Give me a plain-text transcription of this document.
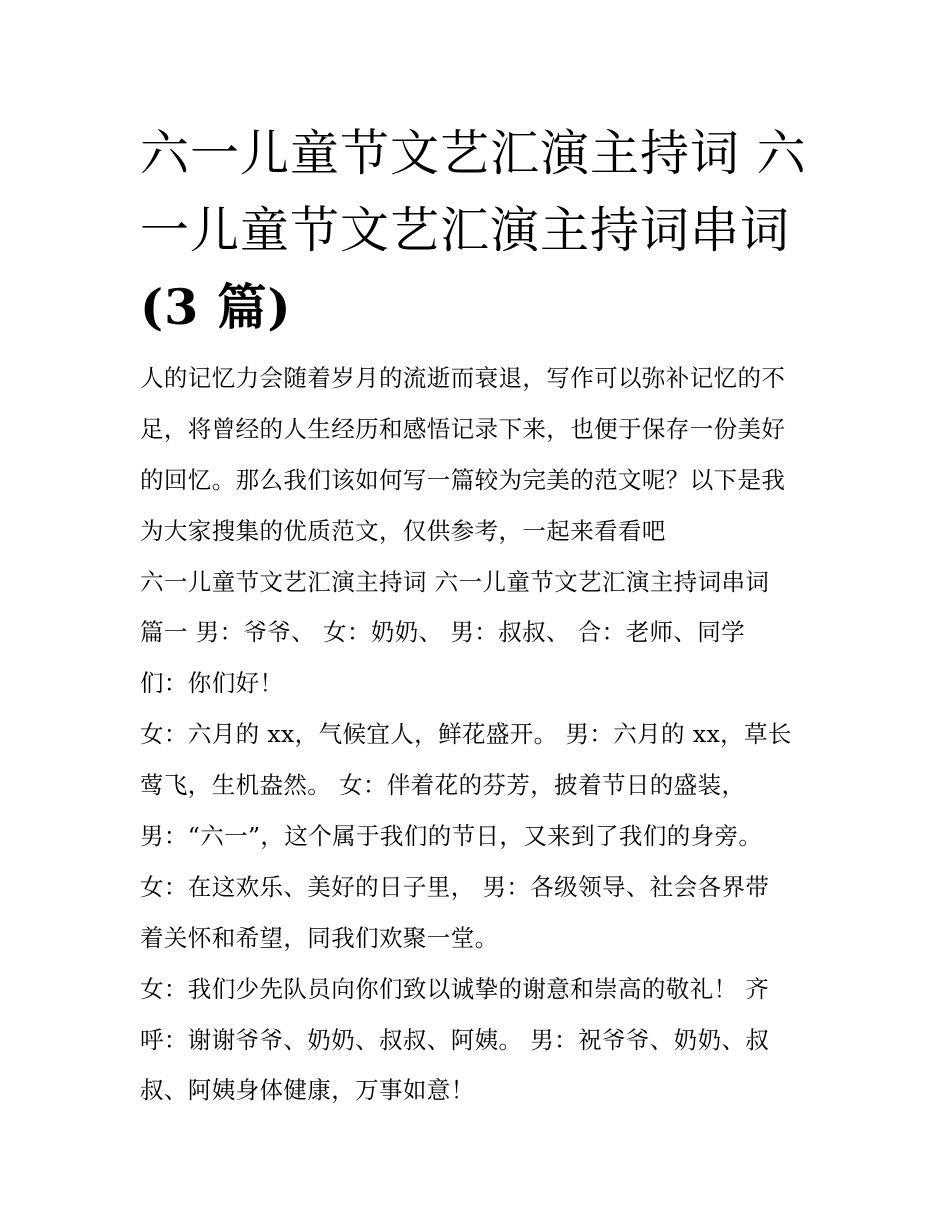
六一儿童节文艺汇演主持词 六
一儿童节文艺汇演主持词串词
(3 篇)
人的记忆力会随着岁月的流逝而衰退，写作可以弥补记忆的不
足，将曾经的人生经历和感悟记录下来，也便于保存一份美好
的回忆。那么我们该如何写一篇较为完美的范文呢？以下是我
为大家搜集的优质范文，仅供参考，一起来看看吧
六一儿童节文艺汇演主持词 六一儿童节文艺汇演主持词串词
篇一 男：爷爷、 女：奶奶、 男：叔叔、 合：老师、同学
们：你们好！
女：六月的 xx，气候宜人，鲜花盛开。 男：六月的 xx，草长
莺飞，生机盎然。 女：伴着花的芬芳，披着节日的盛装，
男：“六一”，这个属于我们的节日，又来到了我们的身旁。
女：在这欢乐、美好的日子里， 男：各级领导、社会各界带
着关怀和希望，同我们欢聚一堂。
女：我们少先队员向你们致以诚挚的谢意和崇高的敬礼！ 齐
呼：谢谢爷爷、奶奶、叔叔、阿姨。 男：祝爷爷、奶奶、叔
叔、阿姨身体健康，万事如意！
